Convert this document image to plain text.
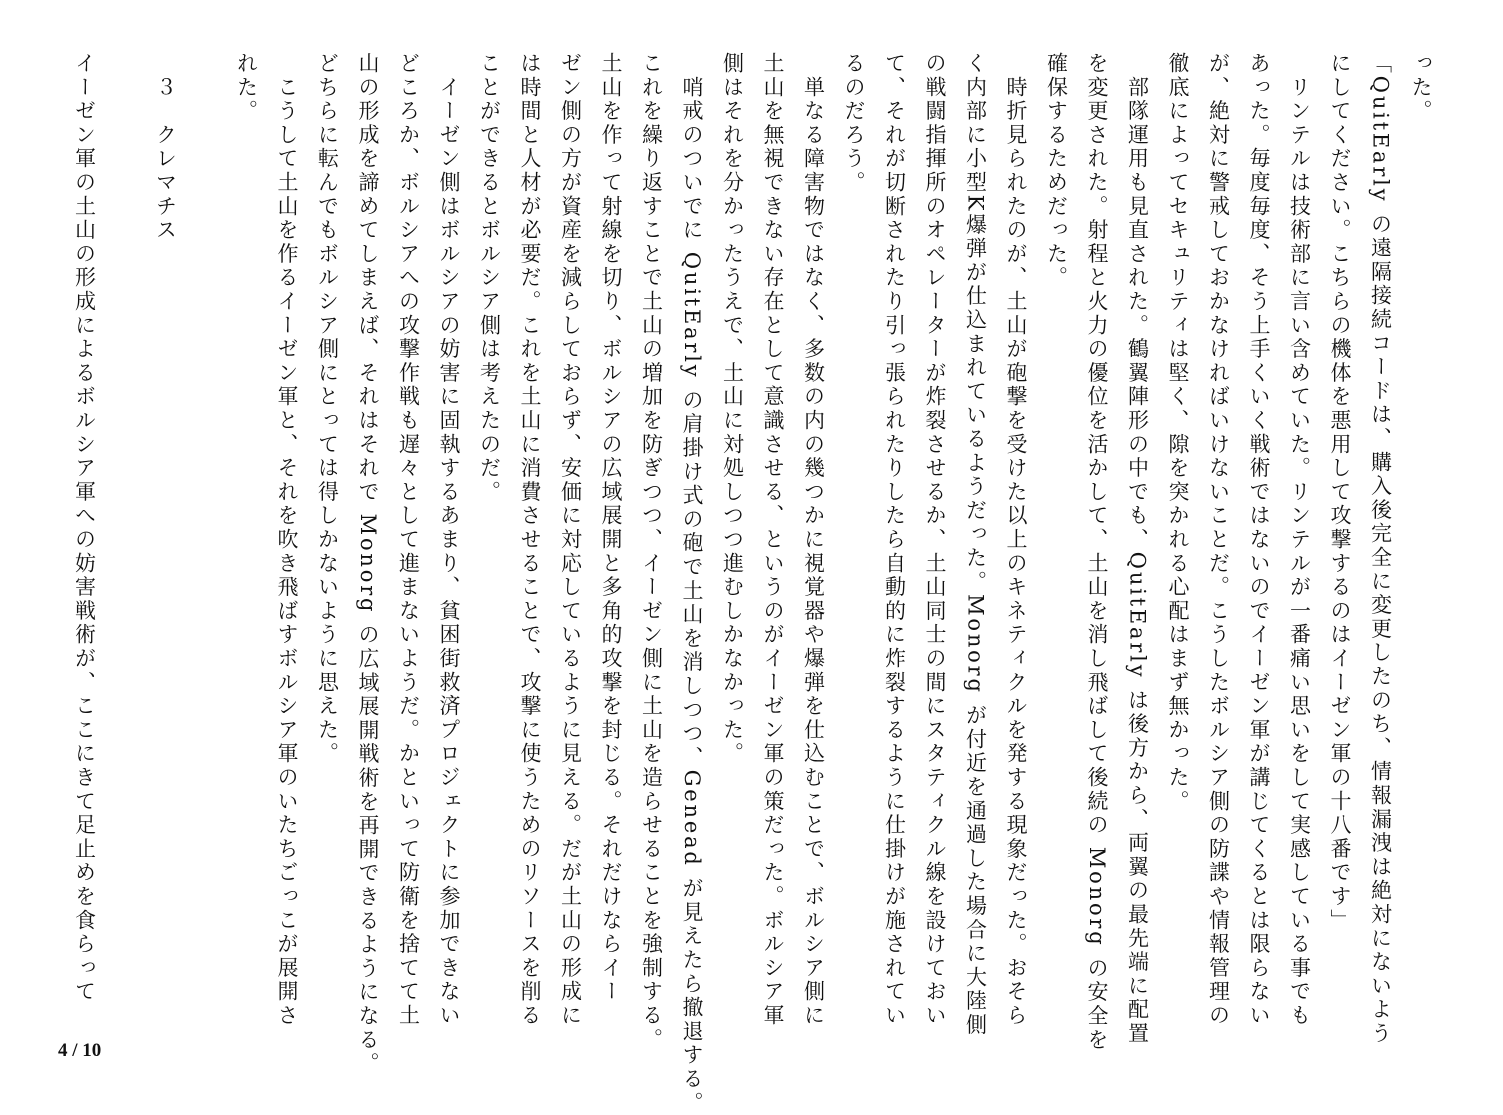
った。
「QuitEarly の遠隔接続コードは、購入後完全に変更したのち、情報漏洩は絶対にないよう
にしてください。こちらの機体を悪用して攻撃するのはイーゼン軍の十八番です」
　リンテルは技術部に言い含めていた。リンテルが一番痛い思いをして実感している事でも
あった。毎度毎度、そう上手くいく戦術ではないのでイーゼン軍が講じてくるとは限らない
が、絶対に警戒しておかなければいけないことだ。こうしたボルシア側の防諜や情報管理の
徹底によってセキュリティは堅く、隙を突かれる心配はまず無かった。
　部隊運用も見直された。鶴翼陣形の中でも、QuitEarly は後方から、両翼の最先端に配置
を変更された。射程と火力の優位を活かして、土山を消し飛ばして後続の Monorg の安全を
確保するためだった。
　時折見られたのが、土山が砲撃を受けた以上のキネティクルを発する現象だった。おそら
く内部に小型K爆弾が仕込まれているようだった。Monorg が付近を通過した場合に大陸側
の戦闘指揮所のオペレーターが炸裂させるか、土山同士の間にスタティクル線を設けておい
て、それが切断されたり引っ張られたりしたら自動的に炸裂するように仕掛けが施されてい
るのだろう。
　単なる障害物ではなく、多数の内の幾つかに視覚器や爆弾を仕込むことで、ボルシア側に
土山を無視できない存在として意識させる、というのがイーゼン軍の策だった。ボルシア軍
側はそれを分かったうえで、土山に対処しつつ進むしかなかった。
　哨戒のついでに QuitEarly の肩掛け式の砲で土山を消しつつ、Genead が見えたら撤退する。
これを繰り返すことで土山の増加を防ぎつつ、イーゼン側に土山を造らせることを強制する。
土山を作って射線を切り、ボルシアの広域展開と多角的攻撃を封じる。それだけならイー
ゼン側の方が資産を減らしておらず、安価に対応しているように見える。だが土山の形成に
は時間と人材が必要だ。これを土山に消費させることで、攻撃に使うためのリソースを削る
ことができるとボルシア側は考えたのだ。
　イーゼン側はボルシアの妨害に固執するあまり、貧困街救済プロジェクトに参加できない
どころか、ボルシアへの攻撃作戦も遅々として進まないようだ。かといって防衛を捨てて土
山の形成を諦めてしまえば、それはそれで Monorg の広域展開戦術を再開できるようになる。
どちらに転んでもボルシア側にとっては得しかないように思えた。
　こうして土山を作るイーゼン軍と、それを吹き飛ばすボルシア軍のいたちごっこが展開さ
れた。
　３　クレマチス
イーゼン軍の土山の形成によるボルシア軍への妨害戦術が、ここにきて足止めを食らって
4 / 10
